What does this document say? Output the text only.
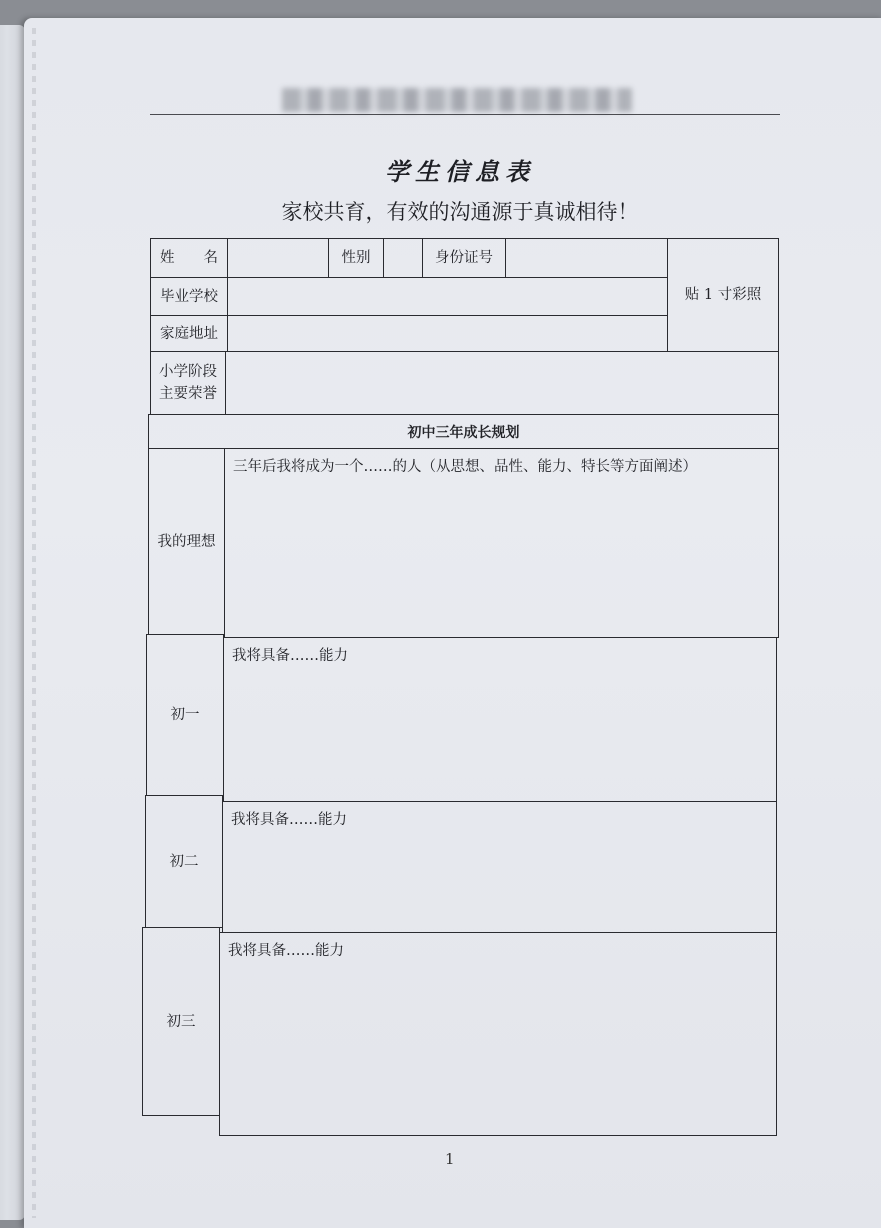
学生信息表
家校共育，有效的沟通源于真诚相待！
姓　　名	性别	身份证号
贴 1 寸彩照
毕业学校
家庭地址
小学阶段
主要荣誉
初中三年成长规划
我的理想
三年后我将成为一个……的人（从思想、品性、能力、特长等方面阐述）
初一
我将具备……能力
初二
我将具备……能力
初三
我将具备……能力
1
